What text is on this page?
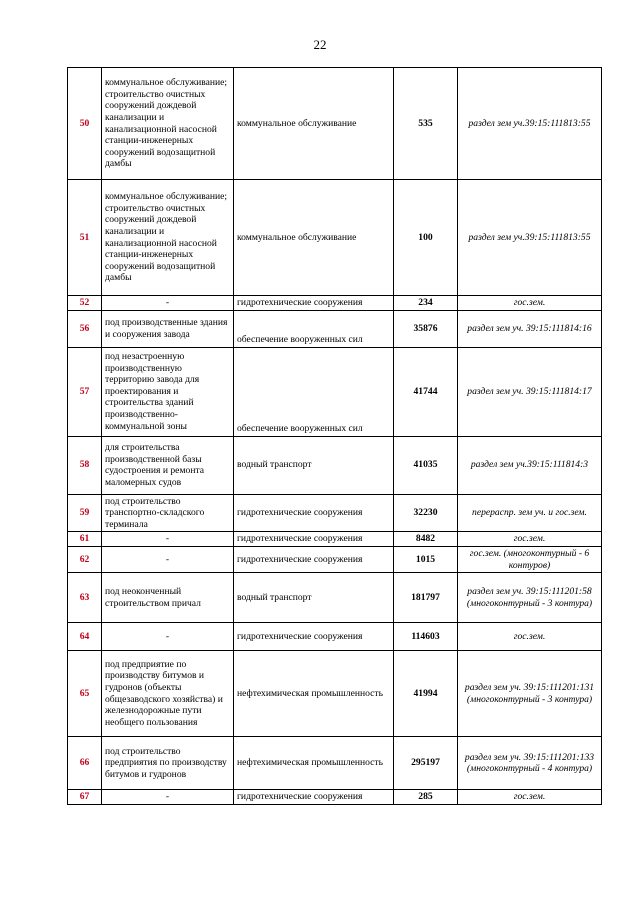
22
50	коммунальное обслуживание; строительство очистных сооружений дождевой канализации и канализационной насосной станции-инженерных сооружений водозащитной дамбы	коммунальное обслуживание	535	раздел зем уч.39:15:111813:55
51	коммунальное обслуживание; строительство очистных сооружений дождевой канализации и канализационной насосной станции-инженерных сооружений водозащитной дамбы	коммунальное обслуживание	100	раздел зем уч.39:15:111813:55
52	-	гидротехнические сооружения	234	гос.зем.
56	под производственные здания и сооружения завода	обеспечение вооруженных сил	35876	раздел зем уч. 39:15:111814:16
57	под незастроенную производственную территорию завода для проектирования и строительства зданий производственно-коммунальной зоны	обеспечение вооруженных сил	41744	раздел зем уч. 39:15:111814:17
58	для строительства производственной базы судостроения и ремонта маломерных судов	водный транспорт	41035	раздел зем уч.39:15:111814:3
59	под строительство транспортно-складского терминала	гидротехнические сооружения	32230	перераспр. зем уч. и гос.зем.
61	-	гидротехнические сооружения	8482	гос.зем.
62	-	гидротехнические сооружения	1015	гос.зем. (многоконтурный - 6 контуров)
63	под неоконченный строительством причал	водный транспорт	181797	раздел зем уч. 39:15:111201:58 (многоконтурный - 3 контура)
64	-	гидротехнические сооружения	114603	гос.зем.
65	под предприятие по производству битумов и гудронов (объекты общезаводского хозяйства) и железнодорожные пути необщего пользования	нефтехимическая промышленность	41994	раздел зем уч. 39:15:111201:131 (многоконтурный - 3 контура)
66	под строительство предприятия по производству битумов и гудронов	нефтехимическая промышленность	295197	раздел зем уч. 39:15:111201:133 (многоконтурный - 4 контура)
67	-	гидротехнические сооружения	285	гос.зем.
